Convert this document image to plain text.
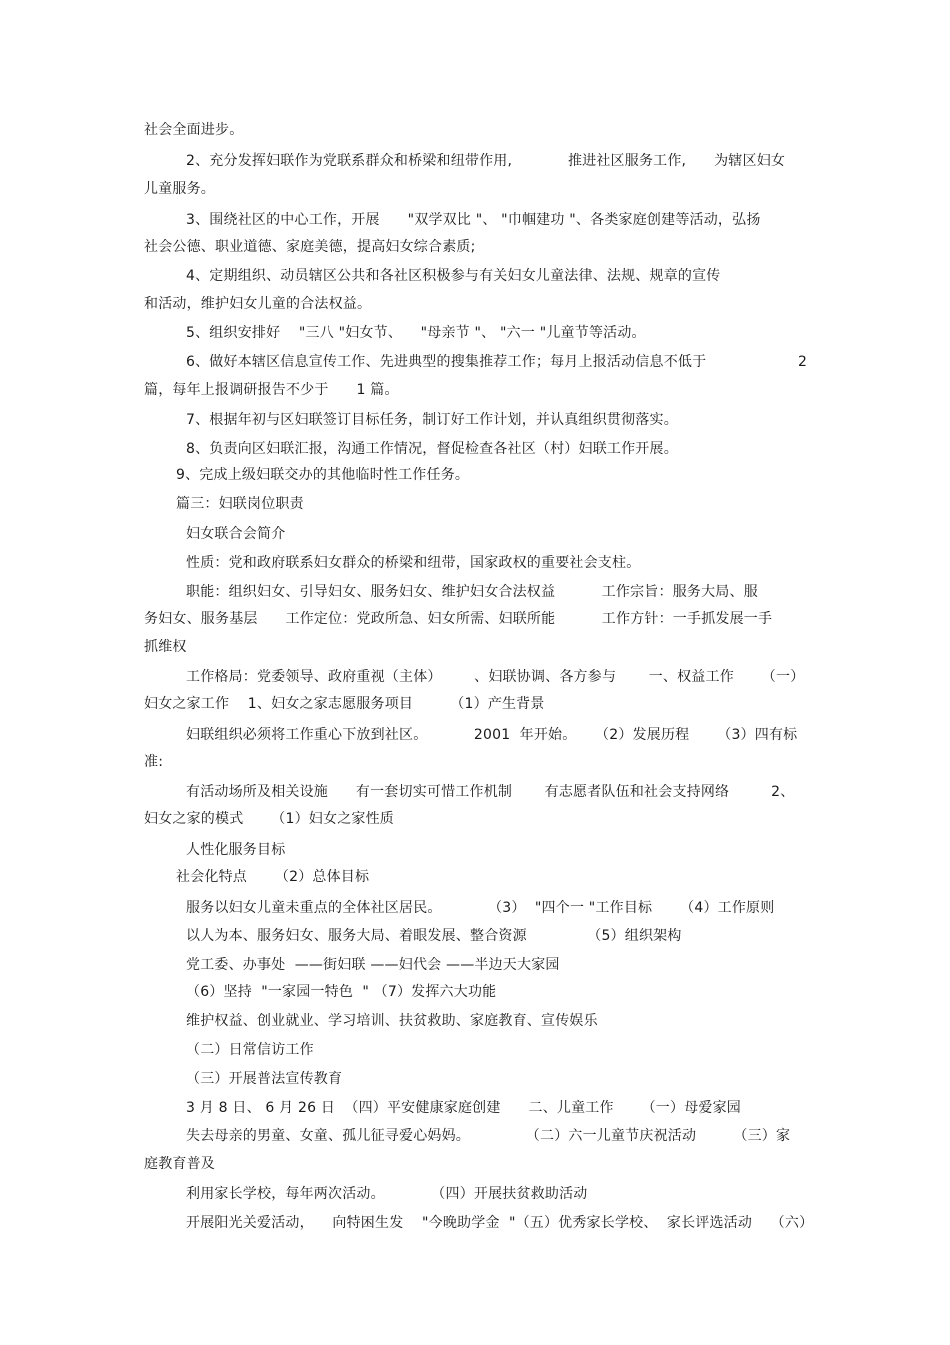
社会全面进步。
2、充分发挥妇联作为党联系群众和桥梁和纽带作用,            推进社区服务工作,      为辖区妇女
儿童服务。
3、围绕社区的中心工作，开展      "双学双比 "、 "巾帼建功 "、各类家庭创建等活动，弘扬
社会公德、职业道德、家庭美德，提高妇女综合素质;
4、定期组织、动员辖区公共和各社区积极参与有关妇女儿童法律、法规、规章的宣传
和活动，维护妇女儿童的合法权益。
5、组织安排好    "三八 "妇女节、    "母亲节 "、 "六一 "儿童节等活动。
6、做好本辖区信息宣传工作、先进典型的搜集推荐工作；每月上报活动信息不低于	2
篇，每年上报调研报告不少于      1 篇。
7、根据年初与区妇联签订目标任务，制订好工作计划，并认真组织贯彻落实。
8、负责向区妇联汇报，沟通工作情况，督促检查各社区（村）妇联工作开展。
9、完成上级妇联交办的其他临时性工作任务。
篇三：妇联岗位职责
妇女联合会简介
性质：党和政府联系妇女群众的桥梁和纽带，国家政权的重要社会支柱。
职能：组织妇女、引导妇女、服务妇女、维护妇女合法权益          工作宗旨：服务大局、服
务妇女、服务基层      工作定位：党政所急、妇女所需、妇联所能          工作方针：一手抓发展一手
抓维权
工作格局：党委领导、政府重视（主体）       、妇联协调、各方参与       一、权益工作      （一）
妇女之家工作    1、妇女之家志愿服务项目        （1）产生背景
妇联组织必须将工作重心下放到社区。          2001  年开始。    （2）发展历程      （3）四有标
准:
有活动场所及相关设施      有一套切实可惜工作机制       有志愿者队伍和社会支持网络         2、
妇女之家的模式      （1）妇女之家性质
人性化服务目标
社会化特点      （2）总体目标
服务以妇女儿童未重点的全体社区居民。          （3）  "四个一 "工作目标      （4）工作原则
以人为本、服务妇女、服务大局、着眼发展、整合资源             （5）组织架构
党工委、办事处  ——街妇联 ——妇代会 ——半边天大家园
（6）坚持  "一家园一特色  " （7）发挥六大功能
维护权益、创业就业、学习培训、扶贫救助、家庭教育、宣传娱乐
（二）日常信访工作
（三）开展普法宣传教育
3 月 8 日、 6 月 26 日  （四）平安健康家庭创建      二、儿童工作      （一）母爱家园
失去母亲的男童、女童、孤儿征寻爱心妈妈。            （二）六一儿童节庆祝活动        （三）家
庭教育普及
利用家长学校，每年两次活动。          （四）开展扶贫救助活动
开展阳光关爱活动，    向特困生发    "今晚助学金  "（五）优秀家长学校、  家长评选活动    （六）
